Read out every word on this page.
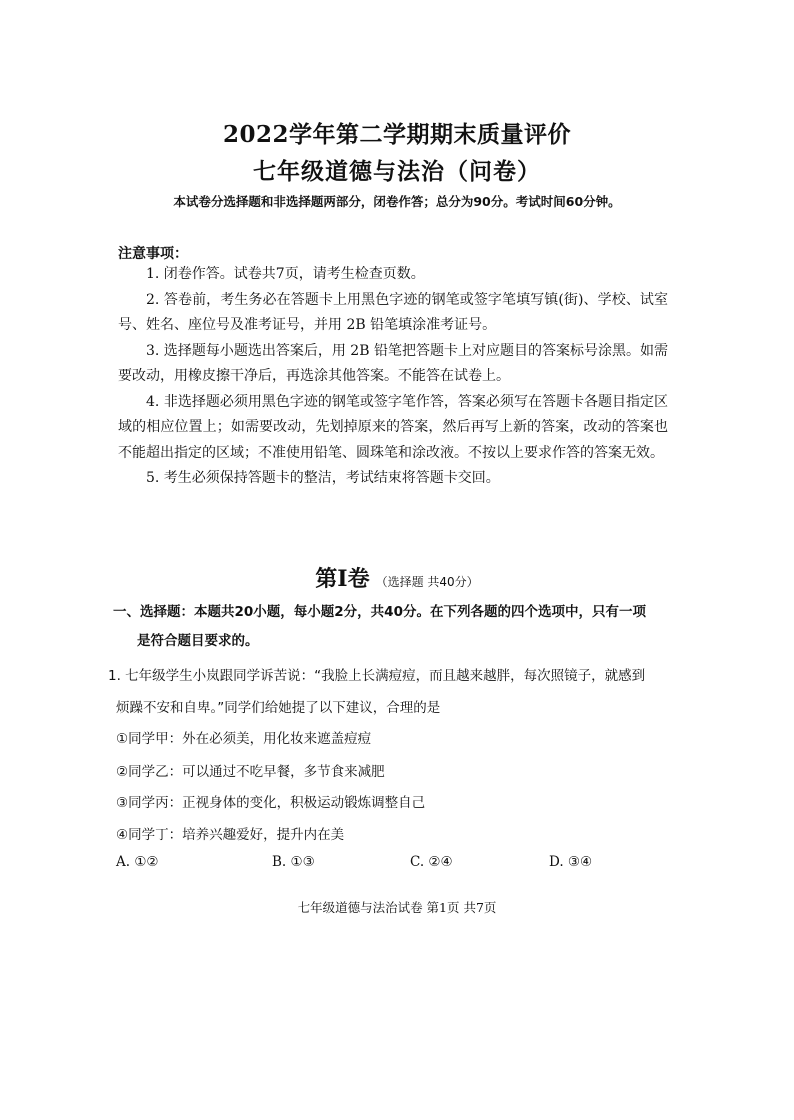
2022学年第二学期期末质量评价
七年级道德与法治（问卷）
本试卷分选择题和非选择题两部分，闭卷作答；总分为90分。考试时间60分钟。
注意事项：

1. 闭卷作答。试卷共7页，请考生检查页数。

2. 答卷前，考生务必在答题卡上用黑色字迹的钢笔或签字笔填写镇(街)、学校、试室号、姓名、座位号及准考证号，并用 2B 铅笔填涂准考证号。

3. 选择题每小题选出答案后，用 2B 铅笔把答题卡上对应题目的答案标号涂黑。如需要改动，用橡皮擦干净后，再选涂其他答案。不能答在试卷上。

4. 非选择题必须用黑色字迹的钢笔或签字笔作答，答案必须写在答题卡各题目指定区域的相应位置上；如需要改动，先划掉原来的答案，然后再写上新的答案，改动的答案也不能超出指定的区域；不准使用铅笔、圆珠笔和涂改液。不按以上要求作答的答案无效。

5. 考生必须保持答题卡的整洁，考试结束将答题卡交回。

第Ⅰ卷 （选择题 共40分）
一、选择题：本题共20小题，每小题2分，共40分。在下列各题的四个选项中，只有一项
是符合题目要求的。
1. 七年级学生小岚跟同学诉苦说：“我脸上长满痘痘，而且越来越胖，每次照镜子，就感到
烦躁不安和自卑。”同学们给她提了以下建议，合理的是
①同学甲：外在必须美，用化妆来遮盖痘痘
②同学乙：可以通过不吃早餐，多节食来减肥
③同学丙：正视身体的变化，积极运动锻炼调整自己
④同学丁：培养兴趣爱好，提升内在美
A. ①②	B. ①③	C. ②④	D. ③④
七年级道德与法治试卷 第1页 共7页
